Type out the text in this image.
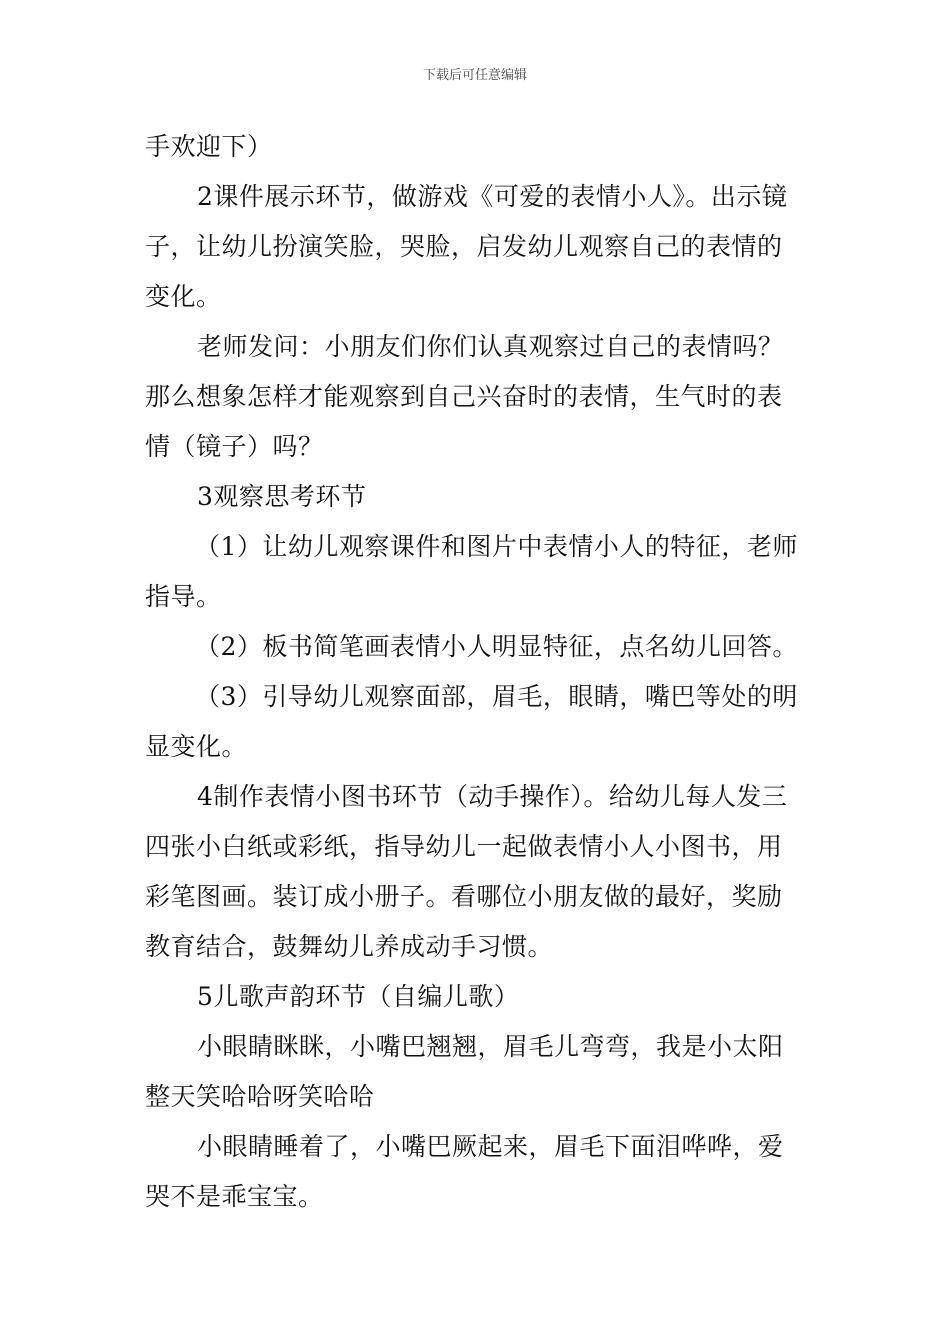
下载后可任意编辑
手欢迎下）
2课件展示环节，做游戏《可爱的表情小人》。出示镜
子，让幼儿扮演笑脸，哭脸，启发幼儿观察自己的表情的
变化。
老师发问：小朋友们你们认真观察过自己的表情吗？
那么想象怎样才能观察到自己兴奋时的表情，生气时的表
情（镜子）吗？
3观察思考环节
（1）让幼儿观察课件和图片中表情小人的特征，老师
指导。
（2）板书简笔画表情小人明显特征，点名幼儿回答。
（3）引导幼儿观察面部，眉毛，眼睛，嘴巴等处的明
显变化。
4制作表情小图书环节（动手操作）。给幼儿每人发三
四张小白纸或彩纸，指导幼儿一起做表情小人小图书，用
彩笔图画。装订成小册子。看哪位小朋友做的最好，奖励
教育结合，鼓舞幼儿养成动手习惯。
5儿歌声韵环节（自编儿歌）
小眼睛眯眯，小嘴巴翘翘，眉毛儿弯弯，我是小太阳
整天笑哈哈呀笑哈哈
小眼睛睡着了，小嘴巴厥起来，眉毛下面泪哗哗，爱
哭不是乖宝宝。
